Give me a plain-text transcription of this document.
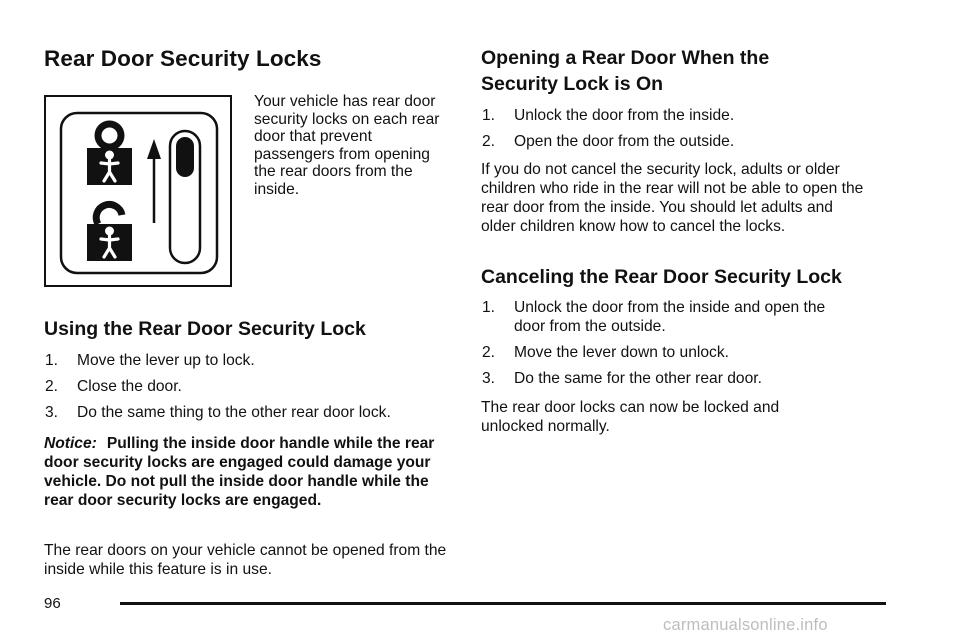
Rear Door Security Locks

Your vehicle has rear door security locks on each rear door that prevent passengers from opening the rear doors from the inside.

Using the Rear Door Security Lock
1. Move the lever up to lock.
2. Close the door.
3. Do the same thing to the other rear door lock.

Notice: Pulling the inside door handle while the rear door security locks are engaged could damage your vehicle. Do not pull the inside door handle while the rear door security locks are engaged.

The rear doors on your vehicle cannot be opened from the inside while this feature is in use.

Opening a Rear Door When the Security Lock is On
1. Unlock the door from the inside.
2. Open the door from the outside.

If you do not cancel the security lock, adults or older children who ride in the rear will not be able to open the rear door from the inside. You should let adults and older children know how to cancel the locks.

Canceling the Rear Door Security Lock
1. Unlock the door from the inside and open the door from the outside.
2. Move the lever down to unlock.
3. Do the same for the other rear door.

The rear door locks can now be locked and unlocked normally.

96
carmanualsonline.info
